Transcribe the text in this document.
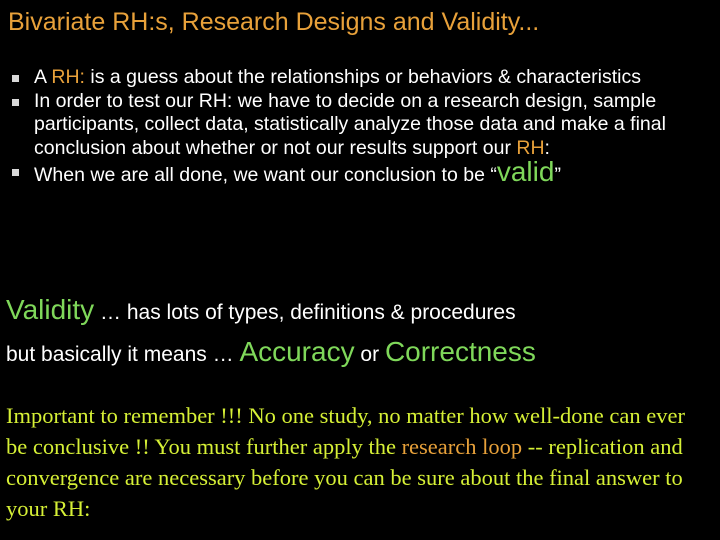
Bivariate RH:s, Research Designs and Validity...
A RH: is a guess about the relationships or behaviors & characteristics
In order to test our RH: we have to decide on a research design, sample participants, collect data, statistically analyze those data and make a final conclusion about whether or not our results support our RH:
When we are all done, we want our conclusion to be “valid”
Validity … has lots of types, definitions & procedures
but basically it means … Accuracy or Correctness
Important to remember !!! No one study, no matter how well-done can ever be conclusive !! You must further apply the research loop -- replication and convergence are necessary before you can be sure about the final answer to your RH:
